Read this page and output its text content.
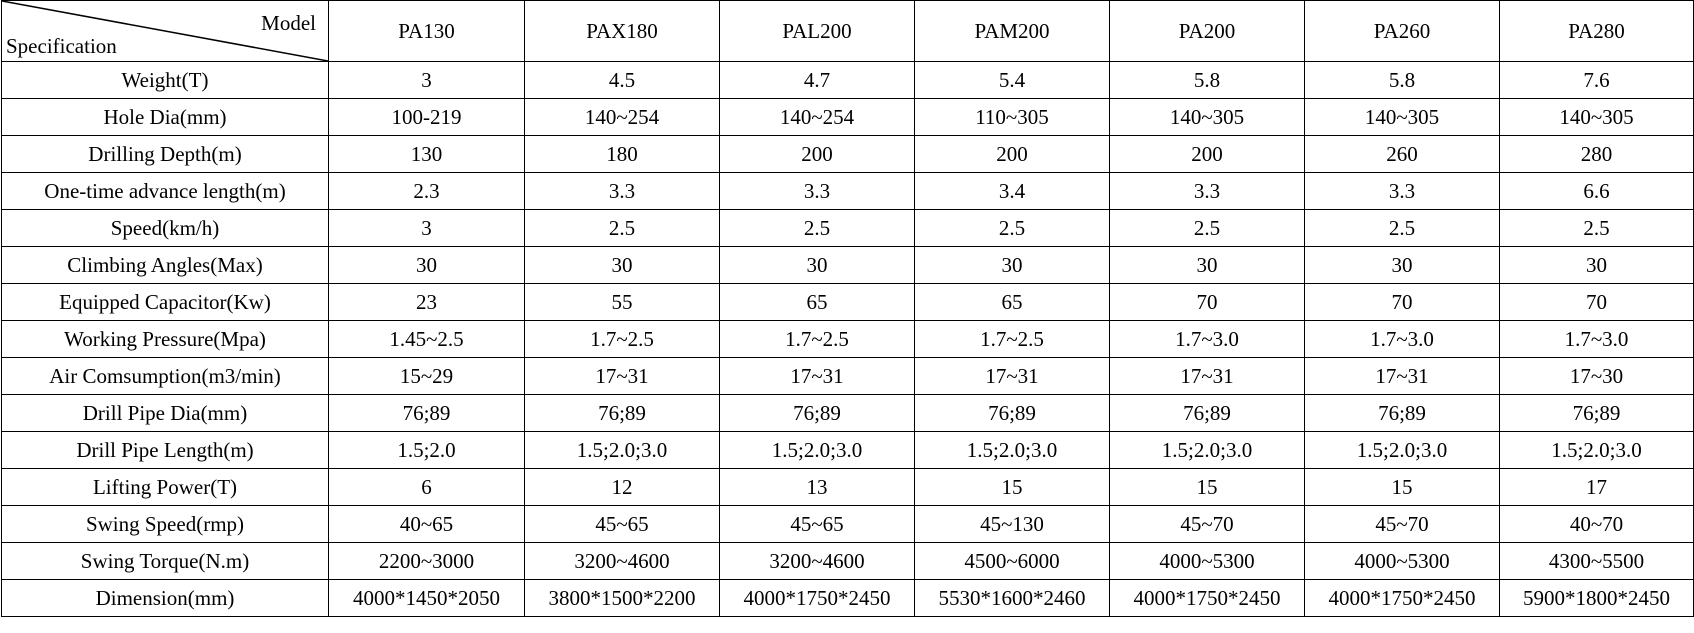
Model
Specification	PA130	PAX180	PAL200	PAM200	PA200	PA260	PA280
Weight(T)	3	4.5	4.7	5.4	5.8	5.8	7.6
Hole Dia(mm)	100-219	140~254	140~254	110~305	140~305	140~305	140~305
Drilling Depth(m)	130	180	200	200	200	260	280
One-time advance length(m)	2.3	3.3	3.3	3.4	3.3	3.3	6.6
Speed(km/h)	3	2.5	2.5	2.5	2.5	2.5	2.5
Climbing Angles(Max)	30	30	30	30	30	30	30
Equipped Capacitor(Kw)	23	55	65	65	70	70	70
Working Pressure(Mpa)	1.45~2.5	1.7~2.5	1.7~2.5	1.7~2.5	1.7~3.0	1.7~3.0	1.7~3.0
Air Comsumption(m3/min)	15~29	17~31	17~31	17~31	17~31	17~31	17~30
Drill Pipe Dia(mm)	76;89	76;89	76;89	76;89	76;89	76;89	76;89
Drill Pipe Length(m)	1.5;2.0	1.5;2.0;3.0	1.5;2.0;3.0	1.5;2.0;3.0	1.5;2.0;3.0	1.5;2.0;3.0	1.5;2.0;3.0
Lifting Power(T)	6	12	13	15	15	15	17
Swing Speed(rmp)	40~65	45~65	45~65	45~130	45~70	45~70	40~70
Swing Torque(N.m)	2200~3000	3200~4600	3200~4600	4500~6000	4000~5300	4000~5300	4300~5500
Dimension(mm)	4000*1450*2050	3800*1500*2200	4000*1750*2450	5530*1600*2460	4000*1750*2450	4000*1750*2450	5900*1800*2450
